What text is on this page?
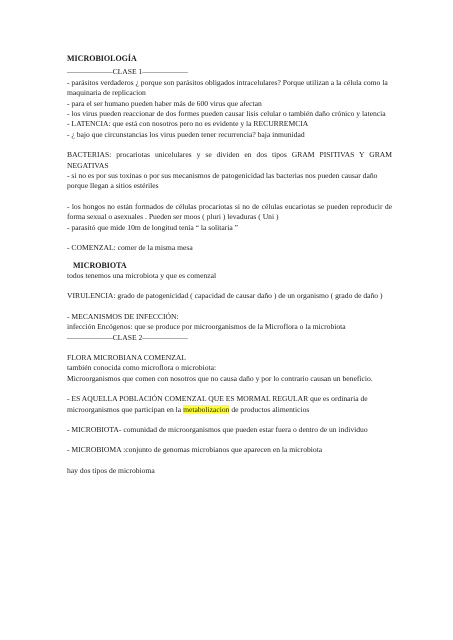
MICROBIOLOGÍA

——————CLASE 1——————

- parásitos verdaderos ¿ porque son parásitos obligados intracelulares? Porque utilizan a la célula como la maquinaria de replicacion

- para el ser humano pueden haber más de 600 virus que afectan

- los virus pueden reaccionar de dos formes pueden causar lisis celular o también daño crónico y latencia

- LATENCIA: que está con nosotros pero no es evidente y la RECURREMCIA

- ¿ bajo que circunstancias los virus pueden tener recurrencia? baja inmunidad

BACTERIAS: procariotas unicelulares y se dividen en dos tipos GRAM PISITIVAS Y GRAM NEGATIVAS

- si no es por sus toxinas o por sus mecanismos de patogenicidad las bacterias nos pueden causar daño porque llegan a sitios estériles

- los hongos no están formados de células procariotas si no de células eucariotas se pueden reproducir de forma sexual o asexuales . Pueden ser moos ( pluri ) levaduras ( Uni )

- parasitó que mide 10m de longitud tenía “ la solitaria ”

- COMENZAL: comer de la misma mesa

MICROBIOTA

todos tenemos una microbiota y que es comenzal

VIRULENCIA: grado de patogenicidad ( capacidad de causar daño ) de un organismo ( grado de daño )

- MECANISMOS DE INFECCIÓN:

infección Encógenos: que se produce por microorganismos de la Microflora o la microbiota

——————CLASE 2——————

FLORA MICROBIANA COMENZAL

también conocida como microflora o microbiota:

Microorganismos que comen con nosotros que no causa daño y por lo contrario causan un beneficio.

- ES AQUELLA POBLACIÓN COMENZAL QUE ES MORMAL REGULAR que es ordinaria de microorganismos que participan en la metabolizacion de productos alimenticios

- MICROBIOTA- comunidad de microorganismos que pueden estar fuera o dentro de un individuo

- MICROBIOMA :conjunto de genomas microbianos que aparecen en la microbiota

hay dos tipos de microbioma
